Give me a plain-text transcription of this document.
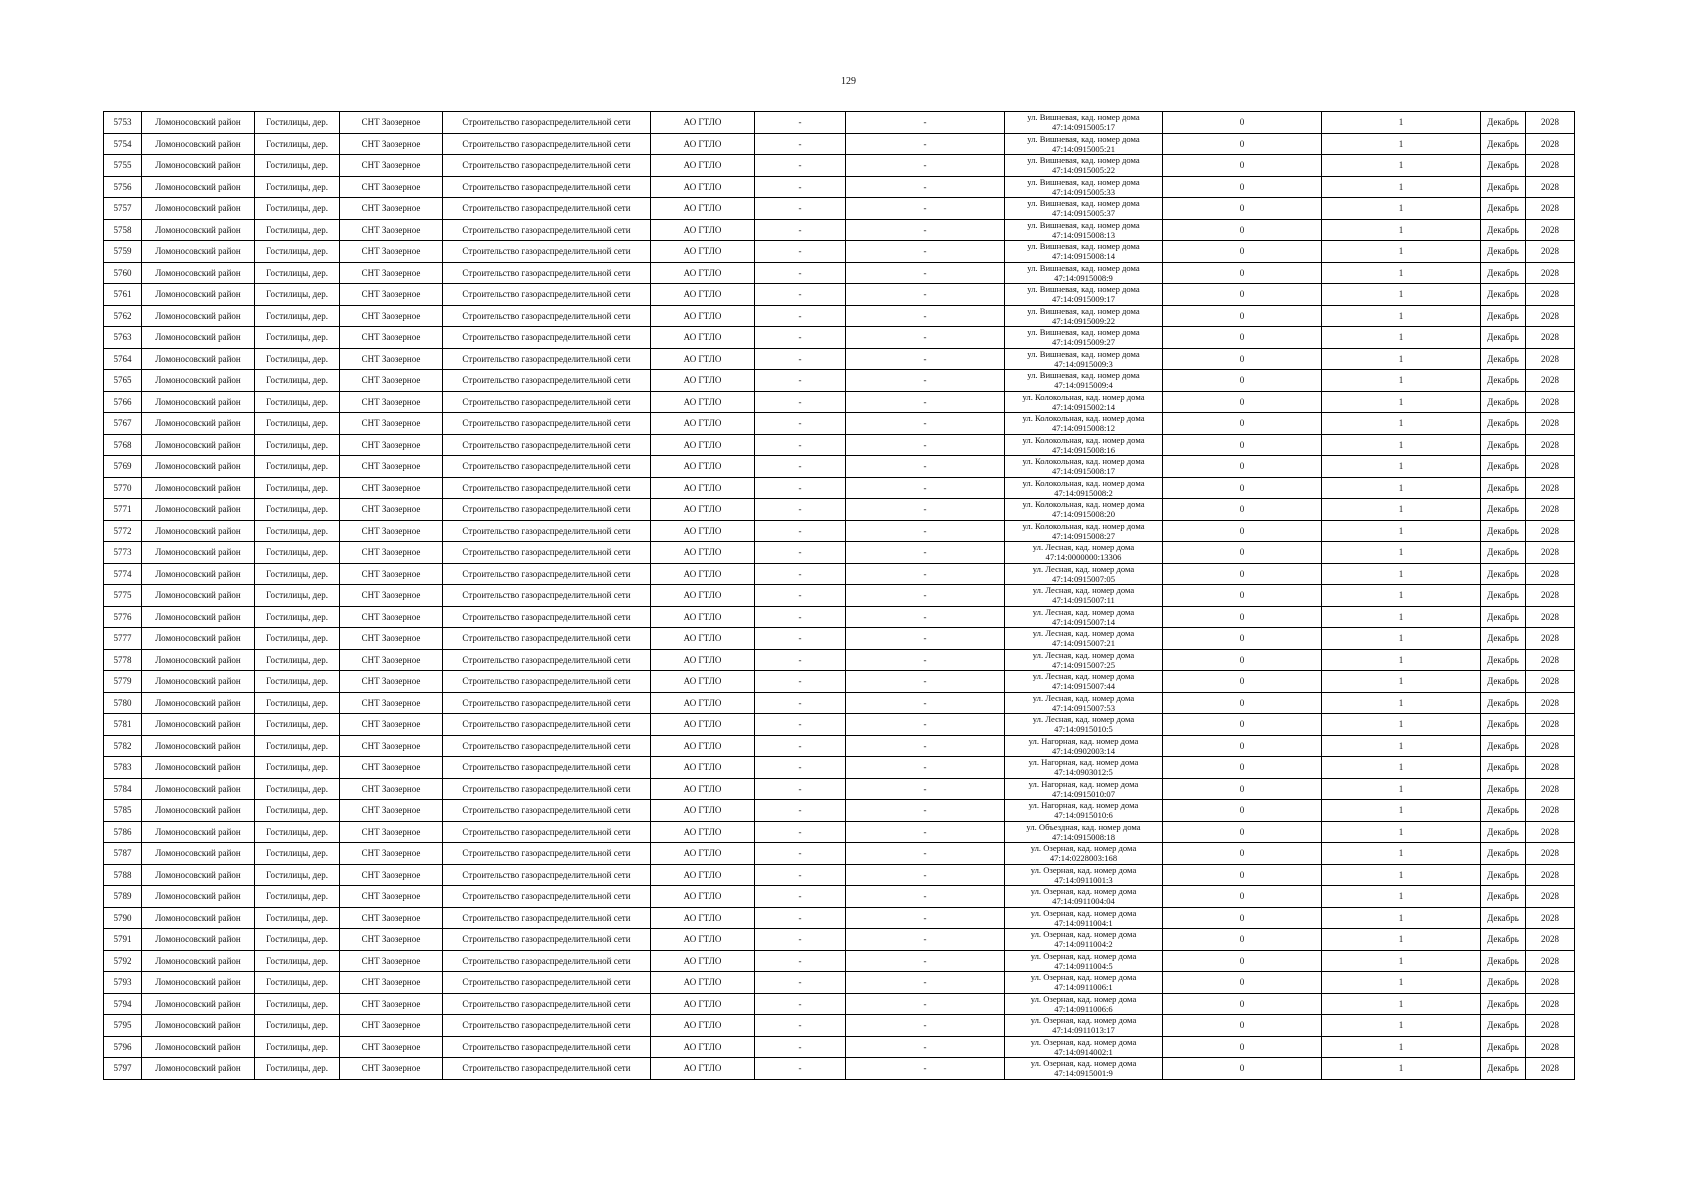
129
5753	Ломоносовский район	Гостилицы, дер.	СНТ Заозерное	Строительство газораспределительной сети	АО ГТЛО	-	-	ул. Вишневая, кад. номер дома
47:14:0915005:17	0	1	Декабрь	2028
5754	Ломоносовский район	Гостилицы, дер.	СНТ Заозерное	Строительство газораспределительной сети	АО ГТЛО	-	-	ул. Вишневая, кад. номер дома
47:14:0915005:21	0	1	Декабрь	2028
5755	Ломоносовский район	Гостилицы, дер.	СНТ Заозерное	Строительство газораспределительной сети	АО ГТЛО	-	-	ул. Вишневая, кад. номер дома
47:14:0915005:22	0	1	Декабрь	2028
5756	Ломоносовский район	Гостилицы, дер.	СНТ Заозерное	Строительство газораспределительной сети	АО ГТЛО	-	-	ул. Вишневая, кад. номер дома
47:14:0915005:33	0	1	Декабрь	2028
5757	Ломоносовский район	Гостилицы, дер.	СНТ Заозерное	Строительство газораспределительной сети	АО ГТЛО	-	-	ул. Вишневая, кад. номер дома
47:14:0915005:37	0	1	Декабрь	2028
5758	Ломоносовский район	Гостилицы, дер.	СНТ Заозерное	Строительство газораспределительной сети	АО ГТЛО	-	-	ул. Вишневая, кад. номер дома
47:14:0915008:13	0	1	Декабрь	2028
5759	Ломоносовский район	Гостилицы, дер.	СНТ Заозерное	Строительство газораспределительной сети	АО ГТЛО	-	-	ул. Вишневая, кад. номер дома
47:14:0915008:14	0	1	Декабрь	2028
5760	Ломоносовский район	Гостилицы, дер.	СНТ Заозерное	Строительство газораспределительной сети	АО ГТЛО	-	-	ул. Вишневая, кад. номер дома
47:14:0915008:9	0	1	Декабрь	2028
5761	Ломоносовский район	Гостилицы, дер.	СНТ Заозерное	Строительство газораспределительной сети	АО ГТЛО	-	-	ул. Вишневая, кад. номер дома
47:14:0915009:17	0	1	Декабрь	2028
5762	Ломоносовский район	Гостилицы, дер.	СНТ Заозерное	Строительство газораспределительной сети	АО ГТЛО	-	-	ул. Вишневая, кад. номер дома
47:14:0915009:22	0	1	Декабрь	2028
5763	Ломоносовский район	Гостилицы, дер.	СНТ Заозерное	Строительство газораспределительной сети	АО ГТЛО	-	-	ул. Вишневая, кад. номер дома
47:14:0915009:27	0	1	Декабрь	2028
5764	Ломоносовский район	Гостилицы, дер.	СНТ Заозерное	Строительство газораспределительной сети	АО ГТЛО	-	-	ул. Вишневая, кад. номер дома
47:14:0915009:3	0	1	Декабрь	2028
5765	Ломоносовский район	Гостилицы, дер.	СНТ Заозерное	Строительство газораспределительной сети	АО ГТЛО	-	-	ул. Вишневая, кад. номер дома
47:14:0915009:4	0	1	Декабрь	2028
5766	Ломоносовский район	Гостилицы, дер.	СНТ Заозерное	Строительство газораспределительной сети	АО ГТЛО	-	-	ул. Колокольная, кад. номер дома
47:14:0915002:14	0	1	Декабрь	2028
5767	Ломоносовский район	Гостилицы, дер.	СНТ Заозерное	Строительство газораспределительной сети	АО ГТЛО	-	-	ул. Колокольная, кад. номер дома
47:14:0915008:12	0	1	Декабрь	2028
5768	Ломоносовский район	Гостилицы, дер.	СНТ Заозерное	Строительство газораспределительной сети	АО ГТЛО	-	-	ул. Колокольная, кад. номер дома
47:14:0915008:16	0	1	Декабрь	2028
5769	Ломоносовский район	Гостилицы, дер.	СНТ Заозерное	Строительство газораспределительной сети	АО ГТЛО	-	-	ул. Колокольная, кад. номер дома
47:14:0915008:17	0	1	Декабрь	2028
5770	Ломоносовский район	Гостилицы, дер.	СНТ Заозерное	Строительство газораспределительной сети	АО ГТЛО	-	-	ул. Колокольная, кад. номер дома
47:14:0915008:2	0	1	Декабрь	2028
5771	Ломоносовский район	Гостилицы, дер.	СНТ Заозерное	Строительство газораспределительной сети	АО ГТЛО	-	-	ул. Колокольная, кад. номер дома
47:14:0915008:20	0	1	Декабрь	2028
5772	Ломоносовский район	Гостилицы, дер.	СНТ Заозерное	Строительство газораспределительной сети	АО ГТЛО	-	-	ул. Колокольная, кад. номер дома
47:14:0915008:27	0	1	Декабрь	2028
5773	Ломоносовский район	Гостилицы, дер.	СНТ Заозерное	Строительство газораспределительной сети	АО ГТЛО	-	-	ул. Лесная, кад. номер дома
47:14:0000000:13306	0	1	Декабрь	2028
5774	Ломоносовский район	Гостилицы, дер.	СНТ Заозерное	Строительство газораспределительной сети	АО ГТЛО	-	-	ул. Лесная, кад. номер дома
47:14:0915007:05	0	1	Декабрь	2028
5775	Ломоносовский район	Гостилицы, дер.	СНТ Заозерное	Строительство газораспределительной сети	АО ГТЛО	-	-	ул. Лесная, кад. номер дома
47:14:0915007:11	0	1	Декабрь	2028
5776	Ломоносовский район	Гостилицы, дер.	СНТ Заозерное	Строительство газораспределительной сети	АО ГТЛО	-	-	ул. Лесная, кад. номер дома
47:14:0915007:14	0	1	Декабрь	2028
5777	Ломоносовский район	Гостилицы, дер.	СНТ Заозерное	Строительство газораспределительной сети	АО ГТЛО	-	-	ул. Лесная, кад. номер дома
47:14:0915007:21	0	1	Декабрь	2028
5778	Ломоносовский район	Гостилицы, дер.	СНТ Заозерное	Строительство газораспределительной сети	АО ГТЛО	-	-	ул. Лесная, кад. номер дома
47:14:0915007:25	0	1	Декабрь	2028
5779	Ломоносовский район	Гостилицы, дер.	СНТ Заозерное	Строительство газораспределительной сети	АО ГТЛО	-	-	ул. Лесная, кад. номер дома
47:14:0915007:44	0	1	Декабрь	2028
5780	Ломоносовский район	Гостилицы, дер.	СНТ Заозерное	Строительство газораспределительной сети	АО ГТЛО	-	-	ул. Лесная, кад. номер дома
47:14:0915007:53	0	1	Декабрь	2028
5781	Ломоносовский район	Гостилицы, дер.	СНТ Заозерное	Строительство газораспределительной сети	АО ГТЛО	-	-	ул. Лесная, кад. номер дома
47:14:0915010:5	0	1	Декабрь	2028
5782	Ломоносовский район	Гостилицы, дер.	СНТ Заозерное	Строительство газораспределительной сети	АО ГТЛО	-	-	ул. Нагорная, кад. номер дома
47:14:0902003:14	0	1	Декабрь	2028
5783	Ломоносовский район	Гостилицы, дер.	СНТ Заозерное	Строительство газораспределительной сети	АО ГТЛО	-	-	ул. Нагорная, кад. номер дома
47:14:0903012:5	0	1	Декабрь	2028
5784	Ломоносовский район	Гостилицы, дер.	СНТ Заозерное	Строительство газораспределительной сети	АО ГТЛО	-	-	ул. Нагорная, кад. номер дома
47:14:0915010:07	0	1	Декабрь	2028
5785	Ломоносовский район	Гостилицы, дер.	СНТ Заозерное	Строительство газораспределительной сети	АО ГТЛО	-	-	ул. Нагорная, кад. номер дома
47:14:0915010:6	0	1	Декабрь	2028
5786	Ломоносовский район	Гостилицы, дер.	СНТ Заозерное	Строительство газораспределительной сети	АО ГТЛО	-	-	ул. Объездная, кад. номер дома
47:14:0915008:18	0	1	Декабрь	2028
5787	Ломоносовский район	Гостилицы, дер.	СНТ Заозерное	Строительство газораспределительной сети	АО ГТЛО	-	-	ул. Озерная, кад. номер дома
47:14:0228003:168	0	1	Декабрь	2028
5788	Ломоносовский район	Гостилицы, дер.	СНТ Заозерное	Строительство газораспределительной сети	АО ГТЛО	-	-	ул. Озерная, кад. номер дома
47:14:0911001:3	0	1	Декабрь	2028
5789	Ломоносовский район	Гостилицы, дер.	СНТ Заозерное	Строительство газораспределительной сети	АО ГТЛО	-	-	ул. Озерная, кад. номер дома
47:14:0911004:04	0	1	Декабрь	2028
5790	Ломоносовский район	Гостилицы, дер.	СНТ Заозерное	Строительство газораспределительной сети	АО ГТЛО	-	-	ул. Озерная, кад. номер дома
47:14:0911004:1	0	1	Декабрь	2028
5791	Ломоносовский район	Гостилицы, дер.	СНТ Заозерное	Строительство газораспределительной сети	АО ГТЛО	-	-	ул. Озерная, кад. номер дома
47:14:0911004:2	0	1	Декабрь	2028
5792	Ломоносовский район	Гостилицы, дер.	СНТ Заозерное	Строительство газораспределительной сети	АО ГТЛО	-	-	ул. Озерная, кад. номер дома
47:14:0911004:5	0	1	Декабрь	2028
5793	Ломоносовский район	Гостилицы, дер.	СНТ Заозерное	Строительство газораспределительной сети	АО ГТЛО	-	-	ул. Озерная, кад. номер дома
47:14:0911006:1	0	1	Декабрь	2028
5794	Ломоносовский район	Гостилицы, дер.	СНТ Заозерное	Строительство газораспределительной сети	АО ГТЛО	-	-	ул. Озерная, кад. номер дома
47:14:0911006:6	0	1	Декабрь	2028
5795	Ломоносовский район	Гостилицы, дер.	СНТ Заозерное	Строительство газораспределительной сети	АО ГТЛО	-	-	ул. Озерная, кад. номер дома
47:14:0911013:17	0	1	Декабрь	2028
5796	Ломоносовский район	Гостилицы, дер.	СНТ Заозерное	Строительство газораспределительной сети	АО ГТЛО	-	-	ул. Озерная, кад. номер дома
47:14:0914002:1	0	1	Декабрь	2028
5797	Ломоносовский район	Гостилицы, дер.	СНТ Заозерное	Строительство газораспределительной сети	АО ГТЛО	-	-	ул. Озерная, кад. номер дома
47:14:0915001:9	0	1	Декабрь	2028
